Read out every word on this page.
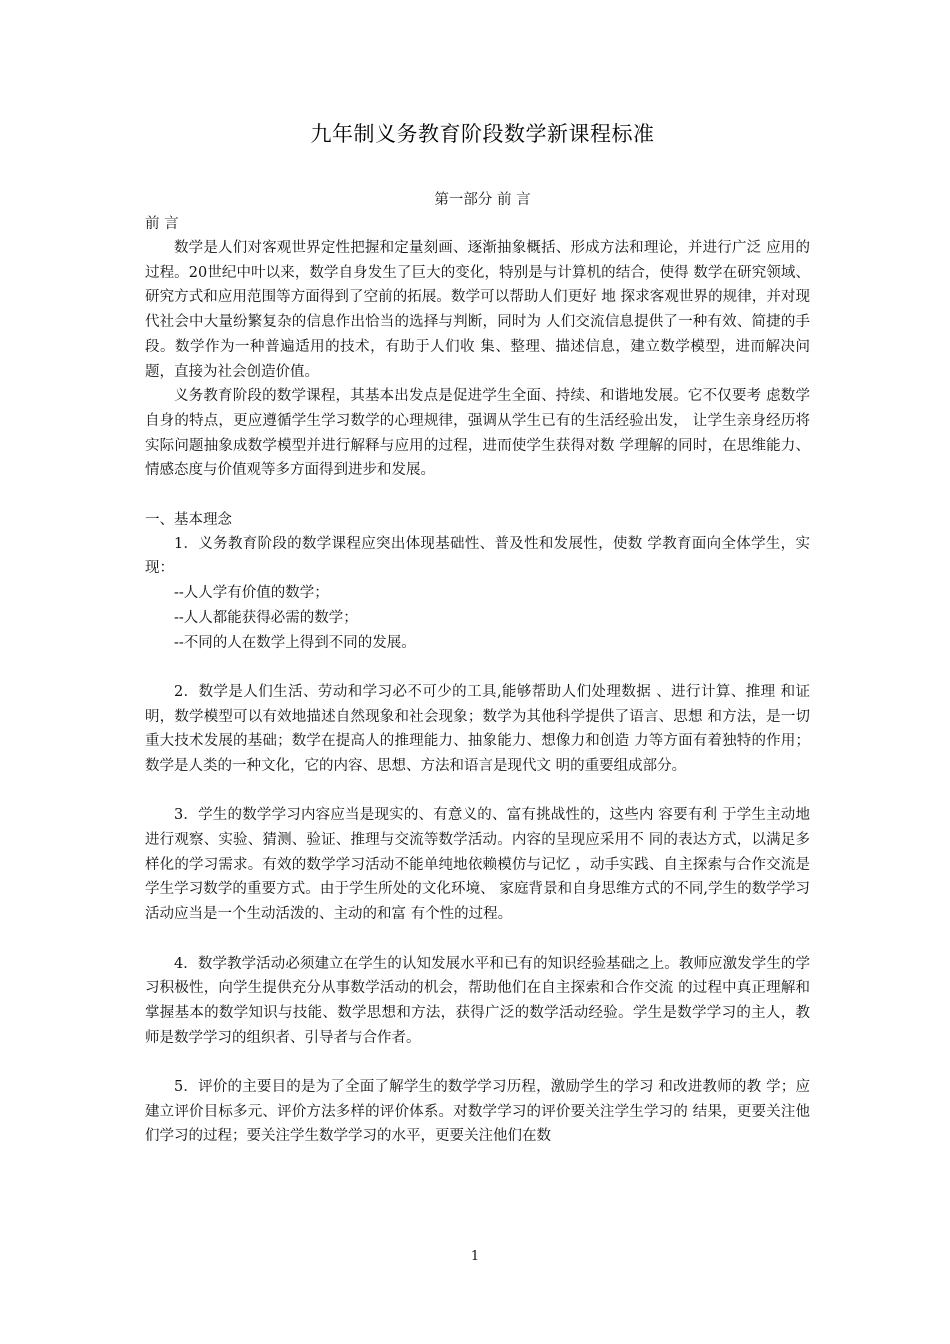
九年制义务教育阶段数学新课程标准

第一部分 前 言

前 言

数学是人们对客观世界定性把握和定量刻画、逐渐抽象概括、形成方法和理论，并进行广泛 应用的过程。20世纪中叶以来，数学自身发生了巨大的变化，特别是与计算机的结合，使得 数学在研究领域、研究方式和应用范围等方面得到了空前的拓展。数学可以帮助人们更好 地 探求客观世界的规律，并对现代社会中大量纷繁复杂的信息作出恰当的选择与判断，同时为 人们交流信息提供了一种有效、简捷的手段。数学作为一种普遍适用的技术，有助于人们收 集、整理、描述信息，建立数学模型，进而解决问题，直接为社会创造价值。

义务教育阶段的数学课程，其基本出发点是促进学生全面、持续、和谐地发展。它不仅要考 虑数学自身的特点，更应遵循学生学习数学的心理规律，强调从学生已有的生活经验出发， 让学生亲身经历将实际问题抽象成数学模型并进行解释与应用的过程，进而使学生获得对数 学理解的同时，在思维能力、情感态度与价值观等多方面得到进步和发展。

一、基本理念

1．义务教育阶段的数学课程应突出体现基础性、普及性和发展性，使数 学教育面向全体学生，实现：

--人人学有价值的数学；

--人人都能获得必需的数学；

--不同的人在数学上得到不同的发展。

2．数学是人们生活、劳动和学习必不可少的工具,能够帮助人们处理数据 、进行计算、推理 和证明，数学模型可以有效地描述自然现象和社会现象；数学为其他科学提供了语言、思想 和方法，是一切重大技术发展的基础；数学在提高人的推理能力、抽象能力、想像力和创造 力等方面有着独特的作用；数学是人类的一种文化，它的内容、思想、方法和语言是现代文 明的重要组成部分。

3．学生的数学学习内容应当是现实的、有意义的、富有挑战性的，这些内 容要有利 于学生主动地进行观察、实验、猜测、验证、推理与交流等数学活动。内容的呈现应采用不 同的表达方式，以满足多样化的学习需求。有效的数学学习活动不能单纯地依赖模仿与记忆 ，动手实践、自主探索与合作交流是学生学习数学的重要方式。由于学生所处的文化环境、 家庭背景和自身思维方式的不同,学生的数学学习活动应当是一个生动活泼的、主动的和富 有个性的过程。

4．数学教学活动必须建立在学生的认知发展水平和已有的知识经验基础之上。教师应激发学生的学习积极性，向学生提供充分从事数学活动的机会，帮助他们在自主探索和合作交流 的过程中真正理解和掌握基本的数学知识与技能、数学思想和方法，获得广泛的数学活动经验。学生是数学学习的主人，教师是数学学习的组织者、引导者与合作者。

5．评价的主要目的是为了全面了解学生的数学学习历程，激励学生的学习 和改进教师的教 学；应建立评价目标多元、评价方法多样的评价体系。对数学学习的评价要关注学生学习的 结果，更要关注他们学习的过程；要关注学生数学学习的水平，更要关注他们在数

1
